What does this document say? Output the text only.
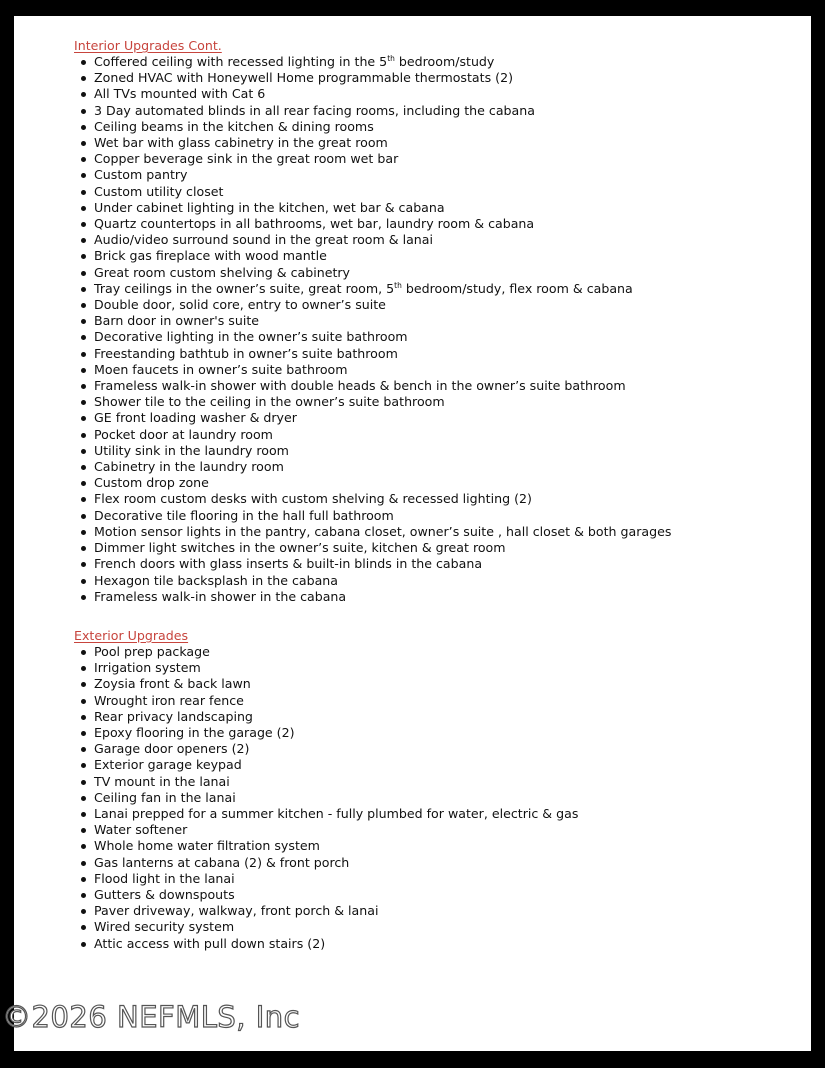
Interior Upgrades Cont.
Coffered ceiling with recessed lighting in the 5th bedroom/study
Zoned HVAC with Honeywell Home programmable thermostats (2)
All TVs mounted with Cat 6
3 Day automated blinds in all rear facing rooms, including the cabana
Ceiling beams in the kitchen & dining rooms
Wet bar with glass cabinetry in the great room
Copper beverage sink in the great room wet bar
Custom pantry
Custom utility closet
Under cabinet lighting in the kitchen, wet bar & cabana
Quartz countertops in all bathrooms, wet bar, laundry room & cabana
Audio/video surround sound in the great room & lanai
Brick gas fireplace with wood mantle
Great room custom shelving & cabinetry
Tray ceilings in the owner’s suite, great room, 5th bedroom/study, flex room & cabana
Double door, solid core, entry to owner’s suite
Barn door in owner's suite
Decorative lighting in the owner’s suite bathroom
Freestanding bathtub in owner’s suite bathroom
Moen faucets in owner’s suite bathroom
Frameless walk-in shower with double heads & bench in the owner’s suite bathroom
Shower tile to the ceiling in the owner’s suite bathroom
GE front loading washer & dryer
Pocket door at laundry room
Utility sink in the laundry room
Cabinetry in the laundry room
Custom drop zone
Flex room custom desks with custom shelving & recessed lighting (2)
Decorative tile flooring in the hall full bathroom
Motion sensor lights in the pantry, cabana closet, owner’s suite , hall closet & both garages
Dimmer light switches in the owner’s suite, kitchen & great room
French doors with glass inserts & built-in blinds in the cabana
Hexagon tile backsplash in the cabana
Frameless walk-in shower in the cabana
Exterior Upgrades
Pool prep package
Irrigation system
Zoysia front & back lawn
Wrought iron rear fence
Rear privacy landscaping
Epoxy flooring in the garage (2)
Garage door openers (2)
Exterior garage keypad
TV mount in the lanai
Ceiling fan in the lanai
Lanai prepped for a summer kitchen - fully plumbed for water, electric & gas
Water softener
Whole home water filtration system
Gas lanterns at cabana (2) & front porch
Flood light in the lanai
Gutters & downspouts
Paver driveway, walkway, front porch & lanai
Wired security system
Attic access with pull down stairs (2)
©2026 NEFMLS, Inc
